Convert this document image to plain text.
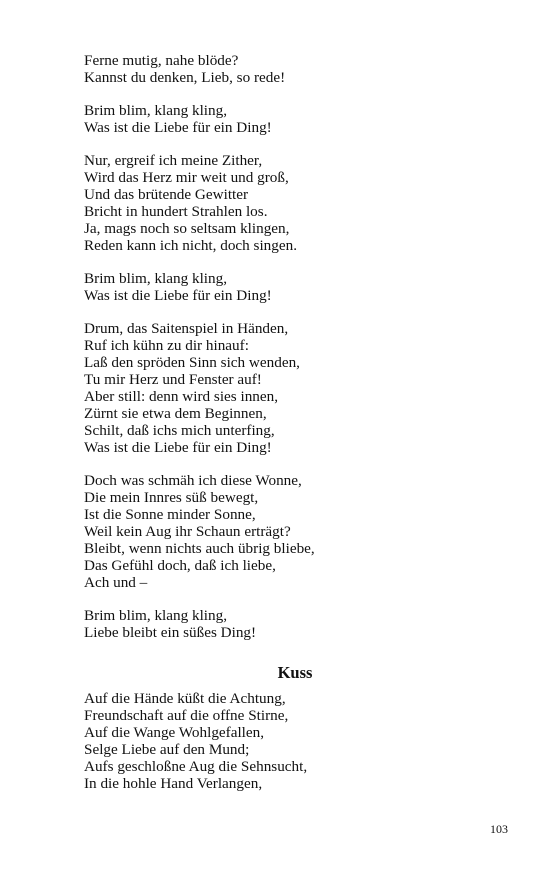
Ferne mutig, nahe blöde?
Kannst du denken, Lieb, so rede!
Brim blim, klang kling,
Was ist die Liebe für ein Ding!
Nur, ergreif ich meine Zither,
Wird das Herz mir weit und groß,
Und das brütende Gewitter
Bricht in hundert Strahlen los.
Ja, mags noch so seltsam klingen,
Reden kann ich nicht, doch singen.
Brim blim, klang kling,
Was ist die Liebe für ein Ding!
Drum, das Saitenspiel in Händen,
Ruf ich kühn zu dir hinauf:
Laß den spröden Sinn sich wenden,
Tu mir Herz und Fenster auf!
Aber still: denn wird sies innen,
Zürnt sie etwa dem Beginnen,
Schilt, daß ichs mich unterfing,
Was ist die Liebe für ein Ding!
Doch was schmäh ich diese Wonne,
Die mein Innres süß bewegt,
Ist die Sonne minder Sonne,
Weil kein Aug ihr Schaun erträgt?
Bleibt, wenn nichts auch übrig bliebe,
Das Gefühl doch, daß ich liebe,
Ach und –
Brim blim, klang kling,
Liebe bleibt ein süßes Ding!
Kuss
Auf die Hände küßt die Achtung,
Freundschaft auf die offne Stirne,
Auf die Wange Wohlgefallen,
Selge Liebe auf den Mund;
Aufs geschloßne Aug die Sehnsucht,
In die hohle Hand Verlangen,
103
